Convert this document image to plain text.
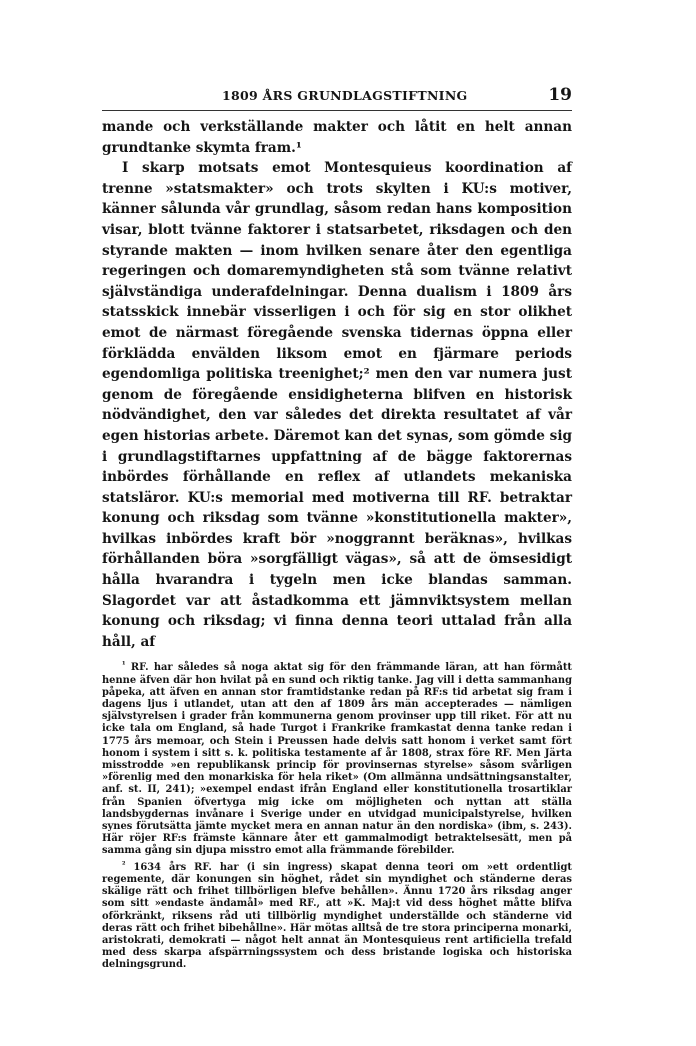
1809 ÅRS GRUNDLAGSTIFTNING	19

mande och verkställande makter och låtit en helt annan grundtanke skymta fram.¹

I skarp motsats emot Montesquieus koordination af trenne »statsmakter» och trots skylten i KU:s motiver, känner sålunda vår grundlag, såsom redan hans komposition visar, blott tvänne faktorer i statsarbetet, riksdagen och den styrande makten — inom hvilken senare åter den egentliga regeringen och domaremyndigheten stå som tvänne relativt självständiga underafdelningar. Denna dualism i 1809 års statsskick innebär visserligen i och för sig en stor olikhet emot de närmast föregående svenska tidernas öppna eller förklädda envälden liksom emot en fjärmare periods egendomliga politiska treenighet;² men den var numera just genom de föregående ensidigheterna blifven en historisk nödvändighet, den var således det direkta resultatet af vår egen historias arbete. Däremot kan det synas, som gömde sig i grundlagstiftarnes uppfattning af de bägge faktorernas inbördes förhållande en reflex af utlandets mekaniska statsläror. KU:s memorial med motiverna till RF. betraktar konung och riksdag som tvänne »konstitutionella makter», hvilkas inbördes kraft bör »noggrannt beräknas», hvilkas förhållanden böra »sorgfälligt vägas», så att de ömsesidigt hålla hvarandra i tygeln men icke blandas samman. Slagordet var att åstadkomma ett jämnviktsystem mellan konung och riksdag; vi finna denna teori uttalad från alla håll, af

$^{^1}$ RF. har således så noga aktat sig för den främmande läran, att han förmått henne äfven där hon hvilat på en sund och riktig tanke. Jag vill i detta sammanhang påpeka, att äfven en annan stor framtidstanke redan på RF:s tid arbetat sig fram i dagens ljus i utlandet, utan att den af 1809 års män accepterades — nämligen självstyrelsen i grader från kommunerna genom provinser upp till riket. För att nu icke tala om England, så hade Turgot i Frankrike framkastat denna tanke redan i 1775 års memoar, och Stein i Preussen hade delvis satt honom i verket samt fört honom i system i sitt s. k. politiska testamente af år 1808, strax före RF. Men Järta misstrodde »en republikansk princip för provinsernas styrelse» såsom svårligen »förenlig med den monarkiska för hela riket» (Om allmänna undsättningsanstalter, anf. st. II, 241); »exempel endast ifrån England eller konstitutionella trosartiklar från Spanien öfvertyga mig icke om möjligheten och nyttan att ställa landsbygdernas invånare i Sverige under en utvidgad municipalstyrelse, hvilken synes förutsätta jämte mycket mera en annan natur än den nordiska» (ibm, s. 243). Här röjer RF:s främste kännare åter ett gammalmodigt betraktelsesätt, men på samma gång sin djupa misstro emot alla främmande förebilder.

$^{^2}$ 1634 års RF. har (i sin ingress) skapat denna teori om »ett ordentligt regemente, där konungen sin höghet, rådet sin myndighet och ständerne deras skälige rätt och frihet tillbörligen blefve behållen». Ännu 1720 års riksdag anger som sitt »endaste ändamål» med RF., att »K. Maj:t vid dess höghet måtte blifva oförkränkt, riksens råd uti tillbörlig myndighet underställde och ständerne vid deras rätt och frihet bibehållne». Här mötas alltså de tre stora principerna monarki, aristokrati, demokrati — något helt annat än Montesquieus rent artificiella trefald med dess skarpa afspärrningssystem och dess bristande logiska och historiska delningsgrund.
